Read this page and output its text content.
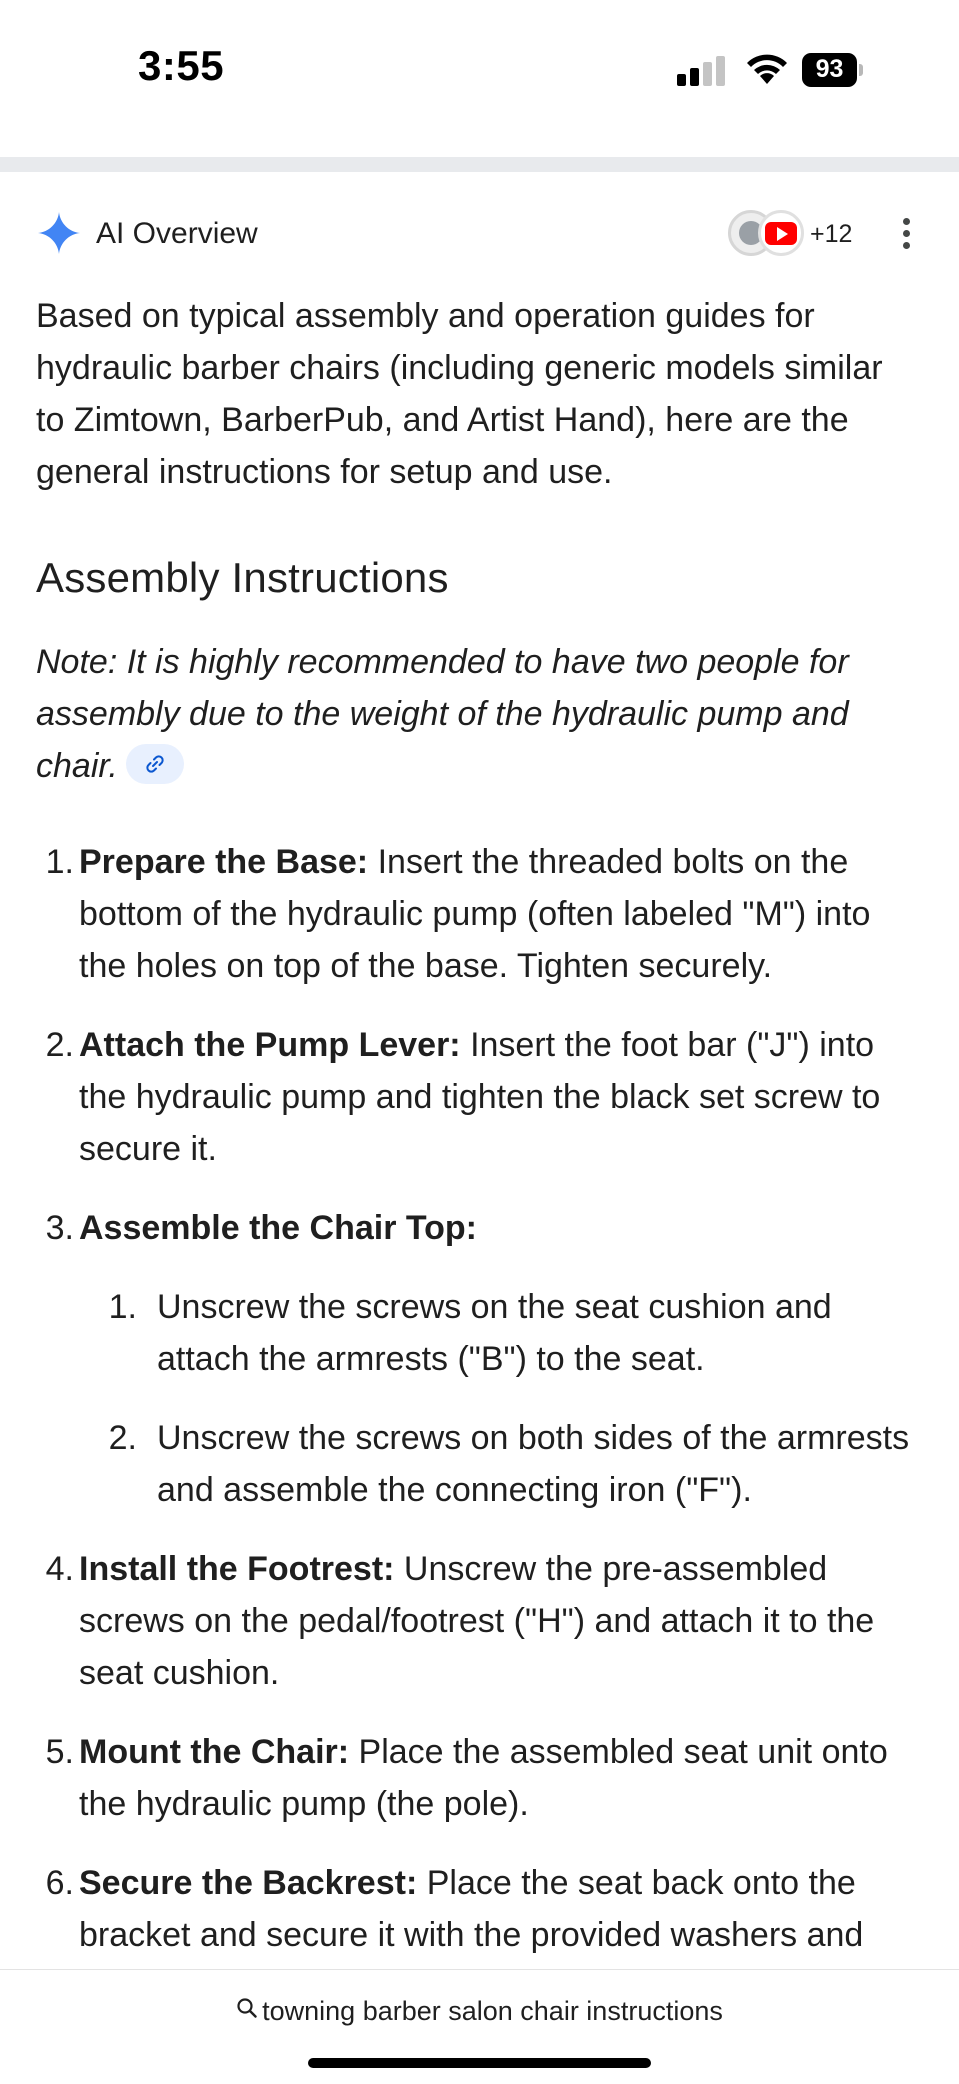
3:55	93
AI Overview	+12

Based on typical assembly and operation guides for hydraulic barber chairs (including generic models similar to Zimtown, BarberPub, and Artist Hand), here are the general instructions for setup and use.

Assembly Instructions

Note: It is highly recommended to have two people for assembly due to the weight of the hydraulic pump and chair.

1. Prepare the Base: Insert the threaded bolts on the bottom of the hydraulic pump (often labeled "M") into the holes on top of the base. Tighten securely.
2. Attach the Pump Lever: Insert the foot bar ("J") into the hydraulic pump and tighten the black set screw to secure it.
3. Assemble the Chair Top:
1. Unscrew the screws on the seat cushion and attach the armrests ("B") to the seat.
2. Unscrew the screws on both sides of the armrests and assemble the connecting iron ("F").
4. Install the Footrest: Unscrew the pre-assembled screws on the pedal/footrest ("H") and attach it to the seat cushion.
5. Mount the Chair: Place the assembled seat unit onto the hydraulic pump (the pole).
6. Secure the Backrest: Place the seat back onto the bracket and secure it with the provided washers and
towning barber salon chair instructions
